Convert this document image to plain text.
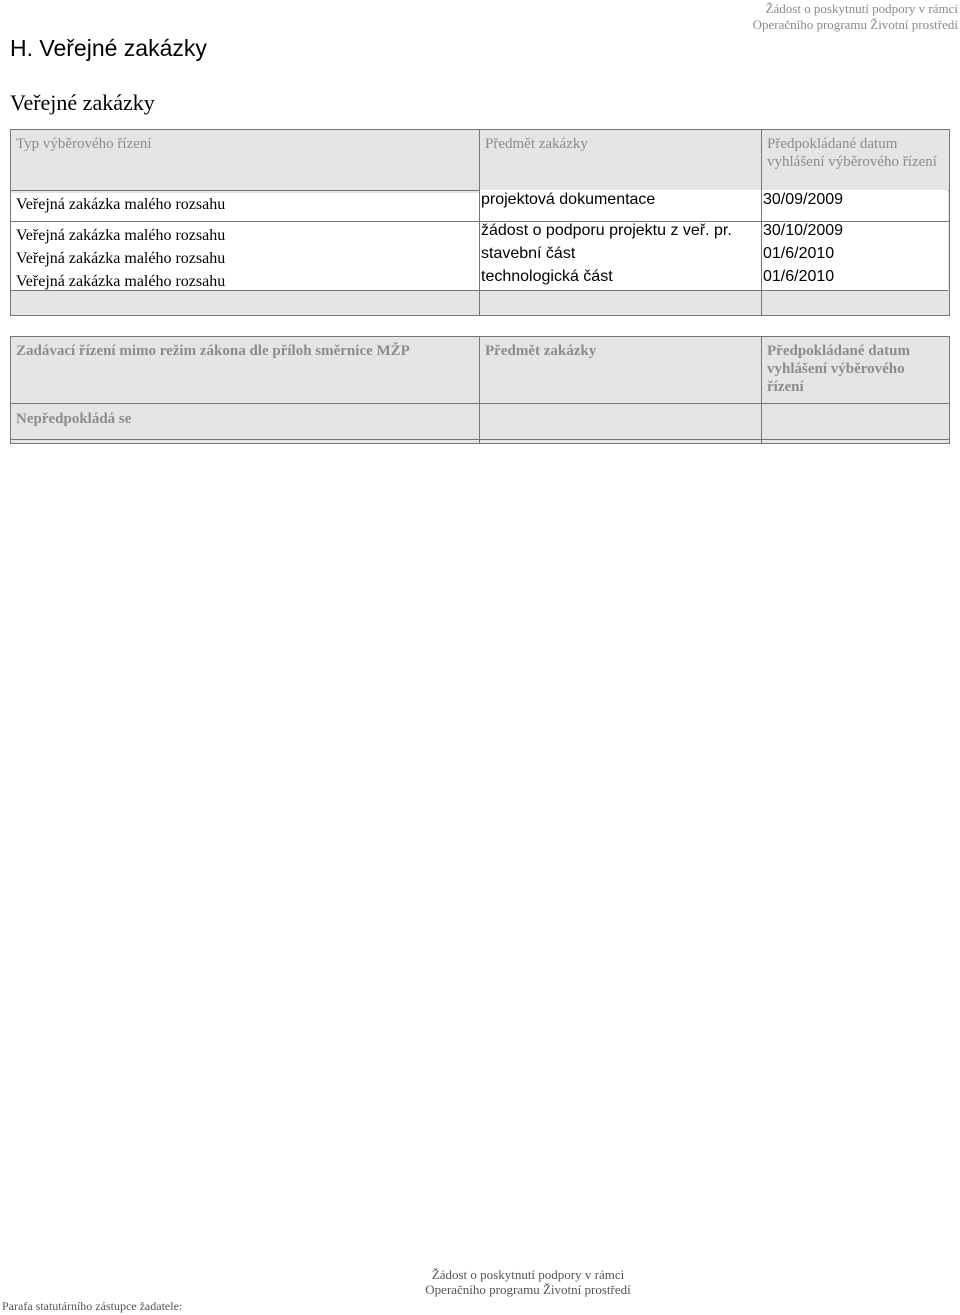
Žádost o poskytnutí podpory v rámci
Operačního programu Životní prostředí
H. Veřejné zakázky
Veřejné zakázky
Typ výběrového řízení	Předmět zakázky	Předpokládané datum vyhlášení výběrového řízení
Veřejná zakázka malého rozsahu	projektová dokumentace	30/09/2009
Veřejná zakázka malého rozsahu	žádost o podporu projektu z veř. pr. 30/10/2009
Veřejná zakázka malého rozsahu	stavební část	01/6/2010
Veřejná zakázka malého rozsahu	technologická část	01/6/2010
Zadávací řízení mimo režim zákona dle příloh směrnice MŽP	Předmět zakázky	Předpokládané datum vyhlášení výběrového řízení
Nepředpokládá se
Žádost o poskytnutí podpory v rámci
Operačního programu Životní prostředí
Parafa statutárního zástupce žadatele:
